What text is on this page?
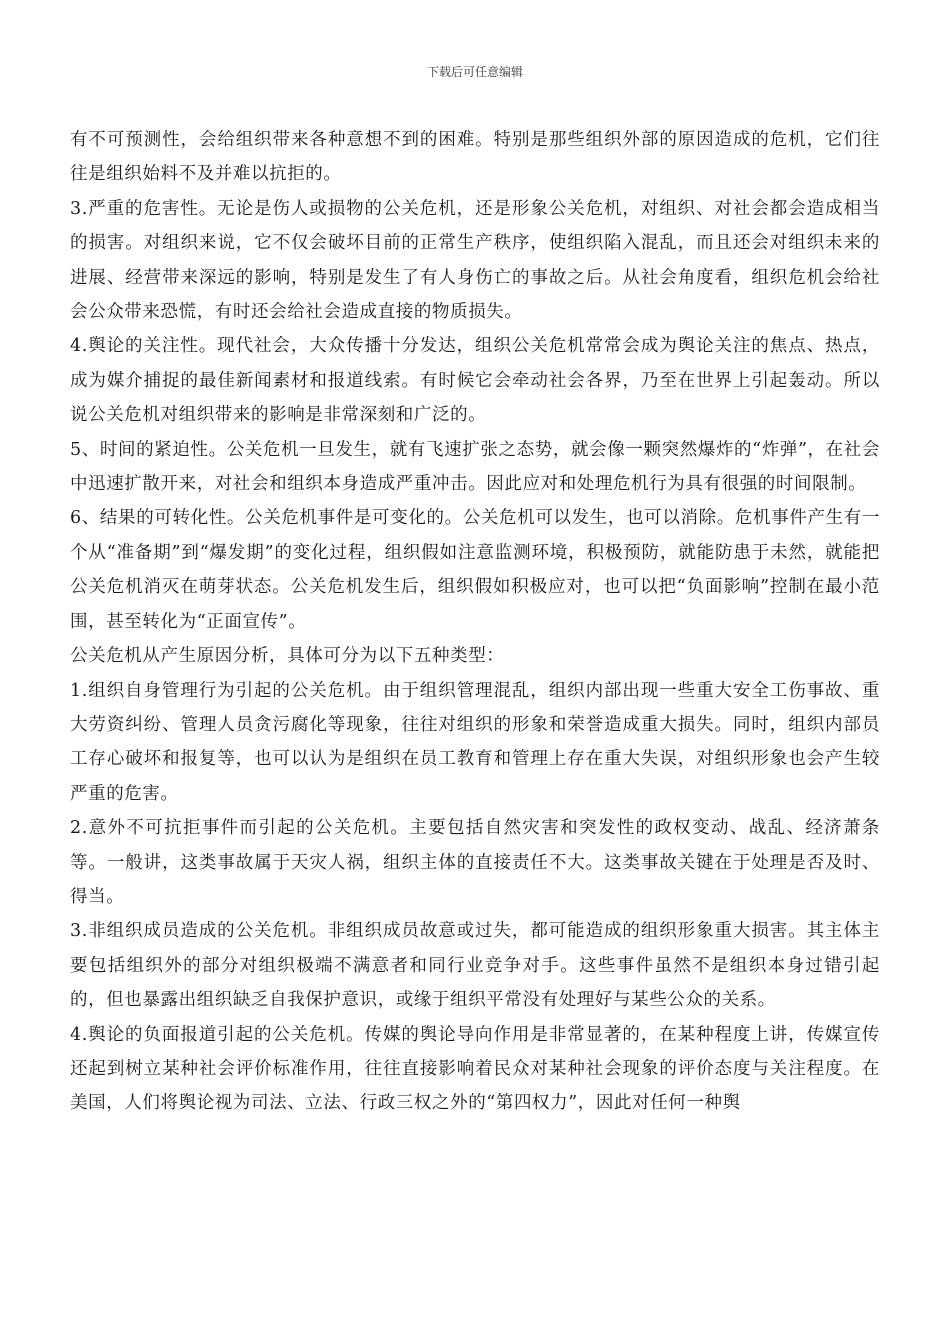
下载后可任意编辑

有不可预测性，会给组织带来各种意想不到的困难。特别是那些组织外部的原因造成的危机，它们往往是组织始料不及并难以抗拒的。

3.严重的危害性。无论是伤人或损物的公关危机，还是形象公关危机，对组织、对社会都会造成相当的损害。对组织来说，它不仅会破坏目前的正常生产秩序，使组织陷入混乱，而且还会对组织未来的进展、经营带来深远的影响，特别是发生了有人身伤亡的事故之后。从社会角度看，组织危机会给社会公众带来恐慌，有时还会给社会造成直接的物质损失。

4.舆论的关注性。现代社会，大众传播十分发达，组织公关危机常常会成为舆论关注的焦点、热点，成为媒介捕捉的最佳新闻素材和报道线索。有时候它会牵动社会各界，乃至在世界上引起轰动。所以说公关危机对组织带来的影响是非常深刻和广泛的。

5、时间的紧迫性。公关危机一旦发生，就有飞速扩张之态势，就会像一颗突然爆炸的“炸弹”，在社会中迅速扩散开来，对社会和组织本身造成严重冲击。因此应对和处理危机行为具有很强的时间限制。

6、结果的可转化性。公关危机事件是可变化的。公关危机可以发生，也可以消除。危机事件产生有一个从“准备期”到“爆发期”的变化过程，组织假如注意监测环境，积极预防，就能防患于未然，就能把公关危机消灭在萌芽状态。公关危机发生后，组织假如积极应对，也可以把“负面影响”控制在最小范围，甚至转化为“正面宣传”。

公关危机从产生原因分析，具体可分为以下五种类型：

1.组织自身管理行为引起的公关危机。由于组织管理混乱，组织内部出现一些重大安全工伤事故、重大劳资纠纷、管理人员贪污腐化等现象，往往对组织的形象和荣誉造成重大损失。同时，组织内部员工存心破坏和报复等，也可以认为是组织在员工教育和管理上存在重大失误，对组织形象也会产生较严重的危害。

2.意外不可抗拒事件而引起的公关危机。主要包括自然灾害和突发性的政权变动、战乱、经济萧条等。一般讲，这类事故属于天灾人祸，组织主体的直接责任不大。这类事故关键在于处理是否及时、得当。

3.非组织成员造成的公关危机。非组织成员故意或过失，都可能造成的组织形象重大损害。其主体主要包括组织外的部分对组织极端不满意者和同行业竞争对手。这些事件虽然不是组织本身过错引起的，但也暴露出组织缺乏自我保护意识，或缘于组织平常没有处理好与某些公众的关系。

4.舆论的负面报道引起的公关危机。传媒的舆论导向作用是非常显著的，在某种程度上讲，传媒宣传还起到树立某种社会评价标准作用，往往直接影响着民众对某种社会现象的评价态度与关注程度。在美国，人们将舆论视为司法、立法、行政三权之外的“第四权力”，因此对任何一种舆
